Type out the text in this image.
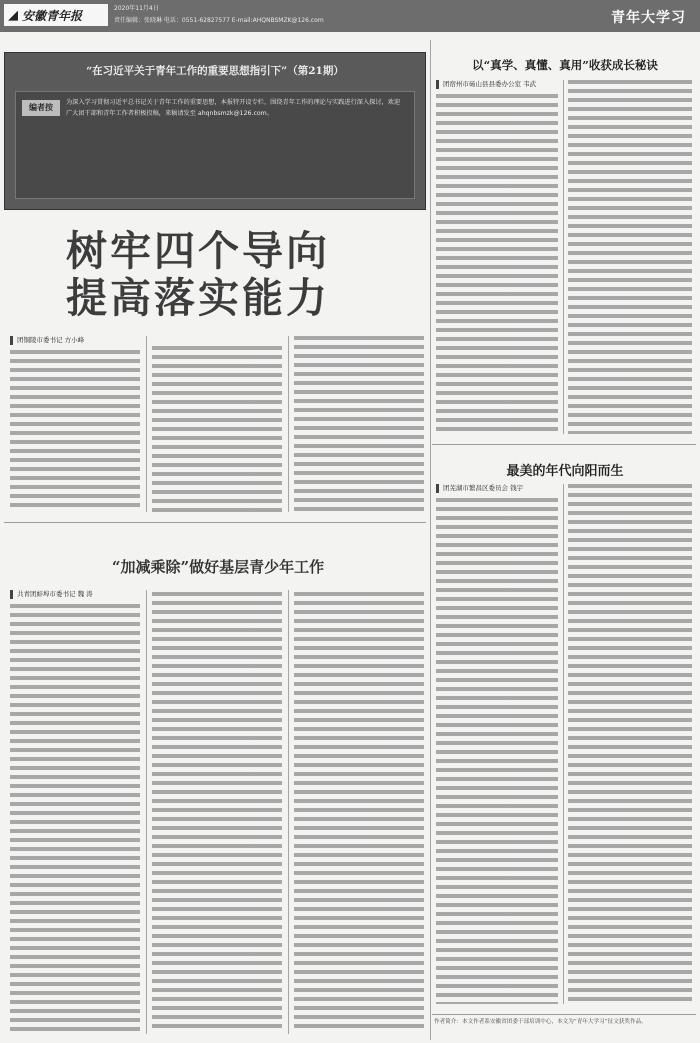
◢ 安徽青年报	2020年11月4日
责任编辑：张晓琳 电话：0551-62827577 E-mail:AHQNBSMZK@126.com	青年大学习
“在习近平关于青年工作的重要思想指引下”（第21期）
编者按
为深入学习贯彻习近平总书记关于青年工作的重要思想，本报特开设专栏，围绕青年工作的理论与实践进行深入探讨，欢迎广大团干部和青年工作者积极投稿，来稿请发至 ahqnbsmzk@126.com。
树牢四个导向
提高落实能力
团铜陵市委书记 方小峰
“加减乘除”做好基层青少年工作
共青团蚌埠市委书记 魏 涛
以“真学、真懂、真用”收获成长秘诀
团宿州市砀山县县委办公室 韦武
最美的年代向阳而生
团芜湖市繁昌区委员会 钱宇
作者简介：本文作者系安徽省团委干部培训中心，本文为“青年大学习”征文获奖作品。
